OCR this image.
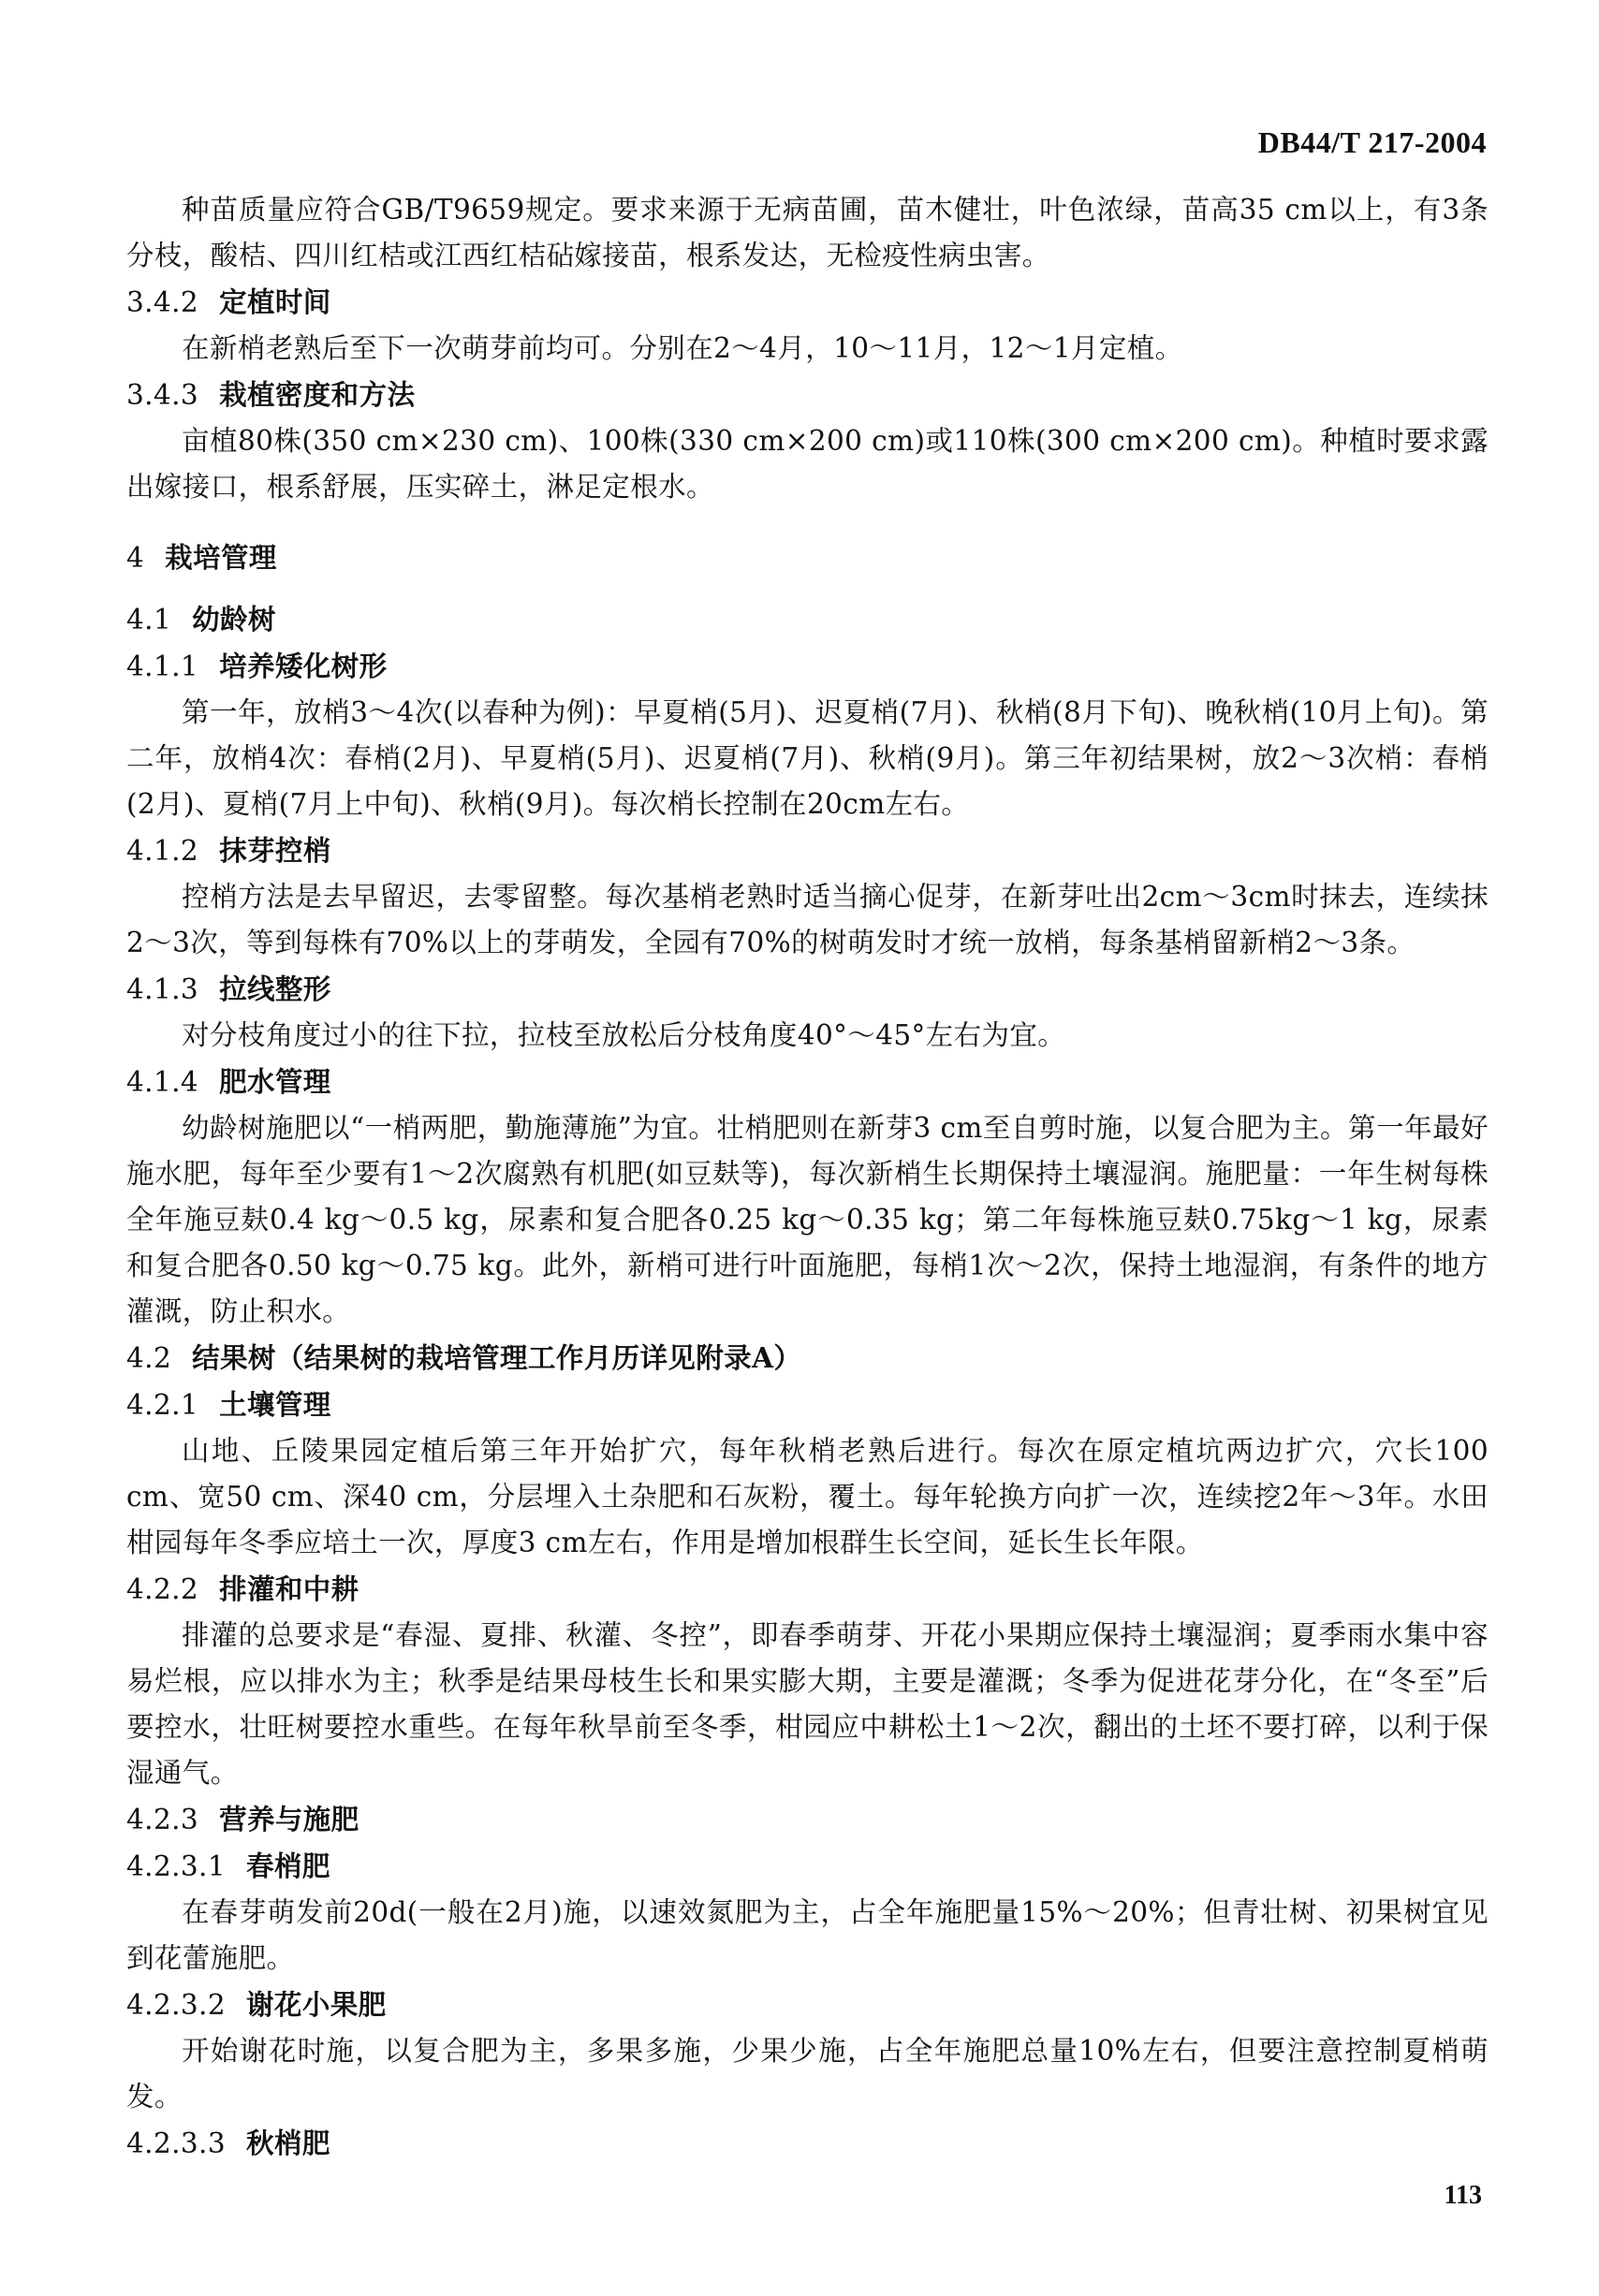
DB44/T 217-2004

种苗质量应符合GB/T9659规定。要求来源于无病苗圃，苗木健壮，叶色浓绿，苗高35 cm以上，有3条分枝，酸桔、四川红桔或江西红桔砧嫁接苗，根系发达，无检疫性病虫害。

3.4.2 定植时间

在新梢老熟后至下一次萌芽前均可。分别在2～4月，10～11月，12～1月定植。

3.4.3 栽植密度和方法

亩植80株(350 cm×230 cm)、100株(330 cm×200 cm)或110株(300 cm×200 cm)。种植时要求露出嫁接口，根系舒展，压实碎土，淋足定根水。

4 栽培管理

4.1 幼龄树

4.1.1 培养矮化树形

第一年，放梢3～4次(以春种为例)：早夏梢(5月)、迟夏梢(7月)、秋梢(8月下旬)、晚秋梢(10月上旬)。第二年，放梢4次：春梢(2月)、早夏梢(5月)、迟夏梢(7月)、秋梢(9月)。第三年初结果树，放2～3次梢：春梢(2月)、夏梢(7月上中旬)、秋梢(9月)。每次梢长控制在20cm左右。

4.1.2 抹芽控梢

控梢方法是去早留迟，去零留整。每次基梢老熟时适当摘心促芽，在新芽吐出2cm～3cm时抹去，连续抹2～3次，等到每株有70%以上的芽萌发，全园有70%的树萌发时才统一放梢，每条基梢留新梢2～3条。

4.1.3 拉线整形

对分枝角度过小的往下拉，拉枝至放松后分枝角度40°～45°左右为宜。

4.1.4 肥水管理

幼龄树施肥以“一梢两肥，勤施薄施”为宜。壮梢肥则在新芽3 cm至自剪时施，以复合肥为主。第一年最好施水肥，每年至少要有1～2次腐熟有机肥(如豆麸等)，每次新梢生长期保持土壤湿润。施肥量：一年生树每株全年施豆麸0.4 kg～0.5 kg，尿素和复合肥各0.25 kg～0.35 kg；第二年每株施豆麸0.75kg～1 kg，尿素和复合肥各0.50 kg～0.75 kg。此外，新梢可进行叶面施肥，每梢1次～2次，保持土地湿润，有条件的地方灌溉，防止积水。

4.2 结果树（结果树的栽培管理工作月历详见附录A）

4.2.1 土壤管理

山地、丘陵果园定植后第三年开始扩穴，每年秋梢老熟后进行。每次在原定植坑两边扩穴，穴长100 cm、宽50 cm、深40 cm，分层埋入土杂肥和石灰粉，覆土。每年轮换方向扩一次，连续挖2年～3年。水田柑园每年冬季应培土一次，厚度3 cm左右，作用是增加根群生长空间，延长生长年限。

4.2.2 排灌和中耕

排灌的总要求是“春湿、夏排、秋灌、冬控”，即春季萌芽、开花小果期应保持土壤湿润；夏季雨水集中容易烂根，应以排水为主；秋季是结果母枝生长和果实膨大期，主要是灌溉；冬季为促进花芽分化，在“冬至”后要控水，壮旺树要控水重些。在每年秋旱前至冬季，柑园应中耕松土1～2次，翻出的土坯不要打碎，以利于保湿通气。

4.2.3 营养与施肥

4.2.3.1 春梢肥

在春芽萌发前20d(一般在2月)施，以速效氮肥为主，占全年施肥量15%～20%；但青壮树、初果树宜见到花蕾施肥。

4.2.3.2 谢花小果肥

开始谢花时施，以复合肥为主，多果多施，少果少施，占全年施肥总量10%左右，但要注意控制夏梢萌发。

4.2.3.3 秋梢肥

113
